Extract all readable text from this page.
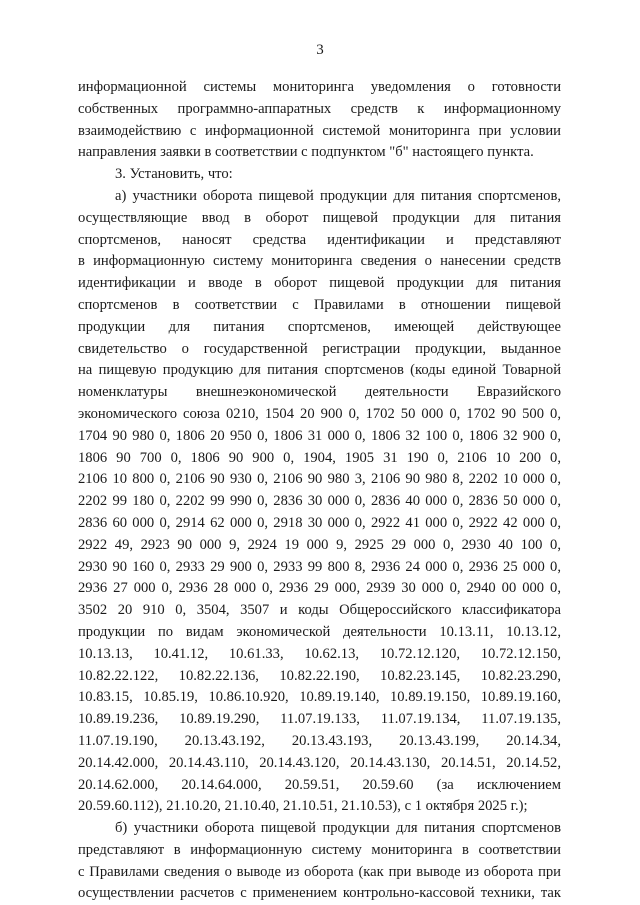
3
информационной системы мониторинга уведомления о готовности
собственных программно-аппаратных средств к информационному
взаимодействию с информационной системой мониторинга при условии
направления заявки в соответствии с подпунктом "б" настоящего пункта.
3. Установить, что:
а) участники оборота пищевой продукции для питания спортсменов,
осуществляющие ввод в оборот пищевой продукции для питания
спортсменов, наносят средства идентификации и представляют
в информационную систему мониторинга сведения о нанесении средств
идентификации и вводе в оборот пищевой продукции для питания
спортсменов в соответствии с Правилами в отношении пищевой
продукции для питания спортсменов, имеющей действующее
свидетельство о государственной регистрации продукции, выданное
на пищевую продукцию для питания спортсменов (коды единой Товарной
номенклатуры внешнеэкономической деятельности Евразийского
экономического союза 0210, 1504 20 900 0, 1702 50 000 0, 1702 90 500 0,
1704 90 980 0, 1806 20 950 0, 1806 31 000 0, 1806 32 100 0, 1806 32 900 0,
1806 90 700 0, 1806 90 900 0, 1904, 1905 31 190 0, 2106 10 200 0,
2106 10 800 0, 2106 90 930 0, 2106 90 980 3, 2106 90 980 8, 2202 10 000 0,
2202 99 180 0, 2202 99 990 0, 2836 30 000 0, 2836 40 000 0, 2836 50 000 0,
2836 60 000 0, 2914 62 000 0, 2918 30 000 0, 2922 41 000 0, 2922 42 000 0,
2922 49, 2923 90 000 9, 2924 19 000 9, 2925 29 000 0, 2930 40 100 0,
2930 90 160 0, 2933 29 900 0, 2933 99 800 8, 2936 24 000 0, 2936 25 000 0,
2936 27 000 0, 2936 28 000 0, 2936 29 000, 2939 30 000 0, 2940 00 000 0,
3502 20 910 0, 3504, 3507 и коды Общероссийского классификатора
продукции по видам экономической деятельности 10.13.11, 10.13.12,
10.13.13, 10.41.12, 10.61.33, 10.62.13, 10.72.12.120, 10.72.12.150,
10.82.22.122, 10.82.22.136, 10.82.22.190, 10.82.23.145, 10.82.23.290,
10.83.15, 10.85.19, 10.86.10.920, 10.89.19.140, 10.89.19.150, 10.89.19.160,
10.89.19.236, 10.89.19.290, 11.07.19.133, 11.07.19.134, 11.07.19.135,
11.07.19.190, 20.13.43.192, 20.13.43.193, 20.13.43.199, 20.14.34,
20.14.42.000, 20.14.43.110, 20.14.43.120, 20.14.43.130, 20.14.51, 20.14.52,
20.14.62.000, 20.14.64.000, 20.59.51, 20.59.60 (за исключением
20.59.60.112), 21.10.20, 21.10.40, 21.10.51, 21.10.53), с 1 октября 2025 г.);
б) участники оборота пищевой продукции для питания спортсменов
представляют в информационную систему мониторинга в соответствии
с Правилами сведения о выводе из оборота (как при выводе из оборота при
осуществлении расчетов с применением контрольно-кассовой техники, так
